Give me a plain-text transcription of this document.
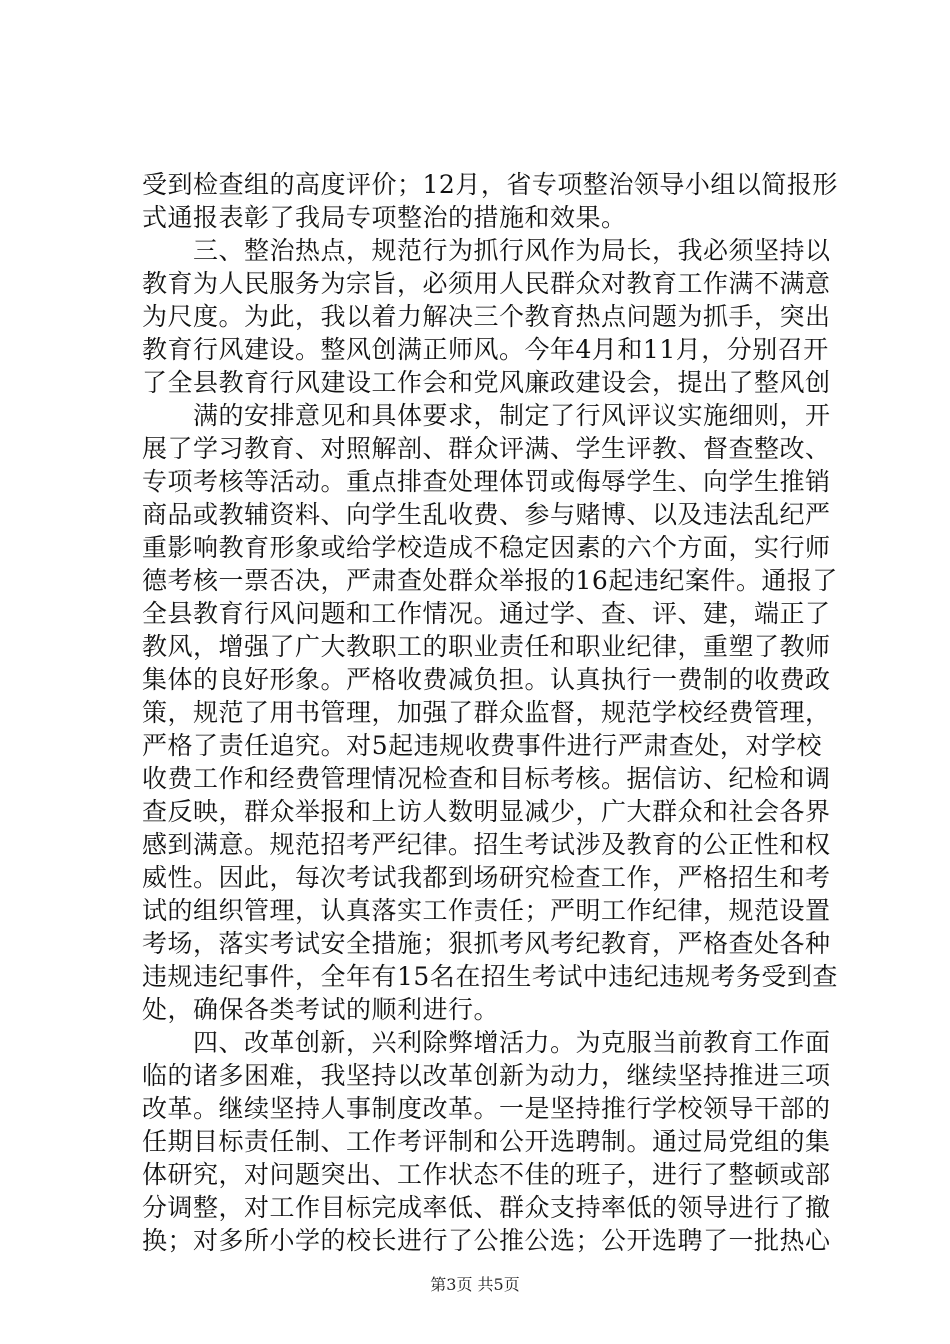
受到检查组的高度评价；12月，省专项整治领导小组以简报形
式通报表彰了我局专项整治的措施和效果。
　　三、整治热点，规范行为抓行风作为局长，我必须坚持以
教育为人民服务为宗旨，必须用人民群众对教育工作满不满意
为尺度。为此，我以着力解决三个教育热点问题为抓手，突出
教育行风建设。整风创满正师风。今年4月和11月，分别召开
了全县教育行风建设工作会和党风廉政建设会，提出了整风创
　　满的安排意见和具体要求，制定了行风评议实施细则，开
展了学习教育、对照解剖、群众评满、学生评教、督查整改、
专项考核等活动。重点排查处理体罚或侮辱学生、向学生推销
商品或教辅资料、向学生乱收费、参与赌博、以及违法乱纪严
重影响教育形象或给学校造成不稳定因素的六个方面，实行师
德考核一票否决，严肃查处群众举报的16起违纪案件。通报了
全县教育行风问题和工作情况。通过学、查、评、建，端正了
教风，增强了广大教职工的职业责任和职业纪律，重塑了教师
集体的良好形象。严格收费减负担。认真执行一费制的收费政
策，规范了用书管理，加强了群众监督，规范学校经费管理，
严格了责任追究。对5起违规收费事件进行严肃查处，对学校
收费工作和经费管理情况检查和目标考核。据信访、纪检和调
查反映，群众举报和上访人数明显减少，广大群众和社会各界
感到满意。规范招考严纪律。招生考试涉及教育的公正性和权
威性。因此，每次考试我都到场研究检查工作，严格招生和考
试的组织管理，认真落实工作责任；严明工作纪律，规范设置
考场，落实考试安全措施；狠抓考风考纪教育，严格查处各种
违规违纪事件，全年有15名在招生考试中违纪违规考务受到查
处，确保各类考试的顺利进行。
　　四、改革创新，兴利除弊增活力。为克服当前教育工作面
临的诸多困难，我坚持以改革创新为动力，继续坚持推进三项
改革。继续坚持人事制度改革。一是坚持推行学校领导干部的
任期目标责任制、工作考评制和公开选聘制。通过局党组的集
体研究，对问题突出、工作状态不佳的班子，进行了整顿或部
分调整，对工作目标完成率低、群众支持率低的领导进行了撤
换；对多所小学的校长进行了公推公选；公开选聘了一批热心
第3页 共5页
